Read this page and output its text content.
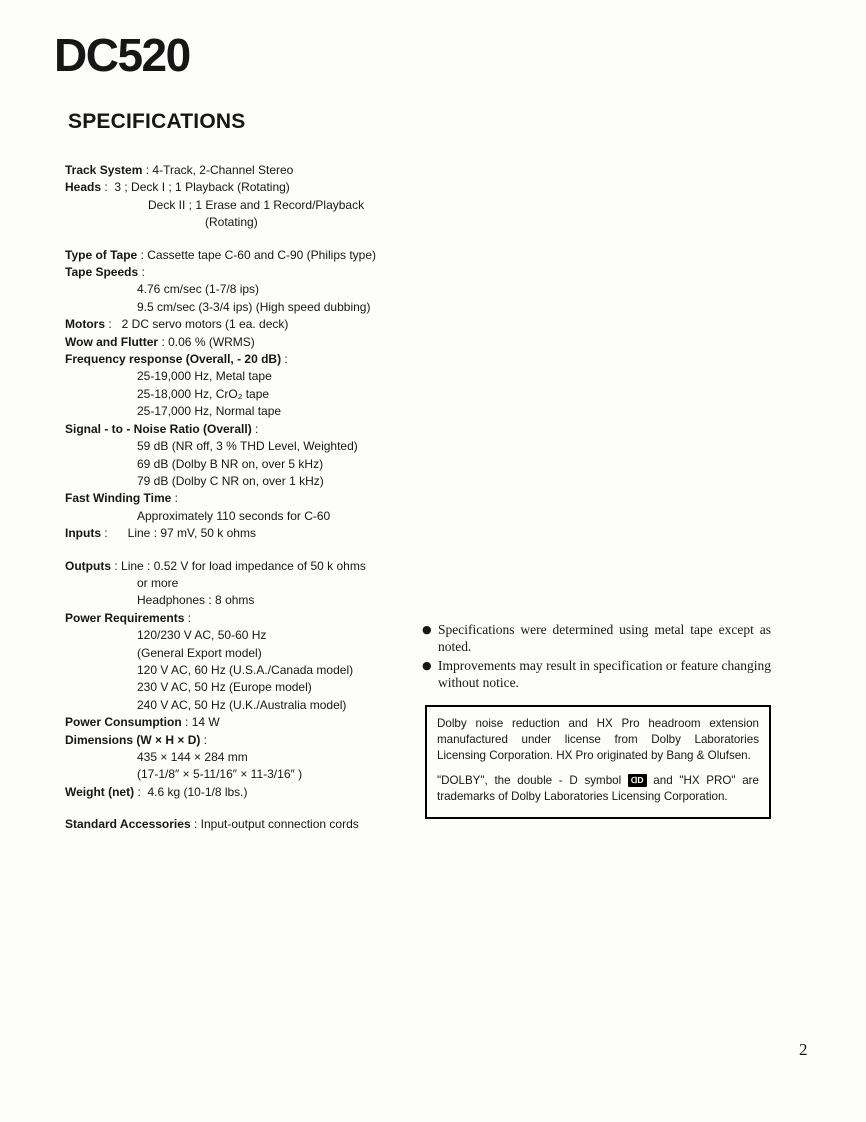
DC520
SPECIFICATIONS
Track System : 4-Track, 2-Channel Stereo
Heads :  3 ; Deck I ; 1 Playback (Rotating)
Deck II ; 1 Erase and 1 Record/Playback
(Rotating)
Type of Tape : Cassette tape C-60 and C-90 (Philips type)
Tape Speeds :
4.76 cm/sec (1-7/8 ips)
9.5 cm/sec (3-3/4 ips) (High speed dubbing)
Motors :   2 DC servo motors (1 ea. deck)
Wow and Flutter : 0.06 % (WRMS)
Frequency response (Overall, - 20 dB) :
25-19,000 Hz, Metal tape
25-18,000 Hz, CrO₂ tape
25-17,000 Hz, Normal tape
Signal - to - Noise Ratio (Overall) :
59 dB (NR off, 3 % THD Level, Weighted)
69 dB (Dolby B NR on, over 5 kHz)
79 dB (Dolby C NR on, over 1 kHz)
Fast Winding Time :
Approximately 110 seconds for C-60
Inputs : Line : 97 mV, 50 k ohms
Outputs : Line : 0.52 V for load impedance of 50 k ohms
or more
Headphones : 8 ohms
Power Requirements :
120/230 V AC, 50-60 Hz
(General Export model)
120 V AC, 60 Hz (U.S.A./Canada model)
230 V AC, 50 Hz (Europe model)
240 V AC, 50 Hz (U.K./Australia model)
Power Consumption : 14 W
Dimensions (W × H × D) :
435 × 144 × 284 mm
(17-1/8″ × 5-11/16″ × 11-3/16″ )
Weight (net) :  4.6 kg (10-1/8 lbs.)
Standard Accessories : Input-output connection cords
● Specifications were determined using metal tape except as noted.
● Improvements may result in specification or feature changing without notice.

Dolby noise reduction and HX Pro headroom extension manufactured under license from Dolby Laboratories Licensing Corporation. HX Pro originated by Bang & Olufsen.

"DOLBY", the double - D symbol ᗡD and "HX PRO" are trademarks of Dolby Laboratories Licensing Corporation.

2
